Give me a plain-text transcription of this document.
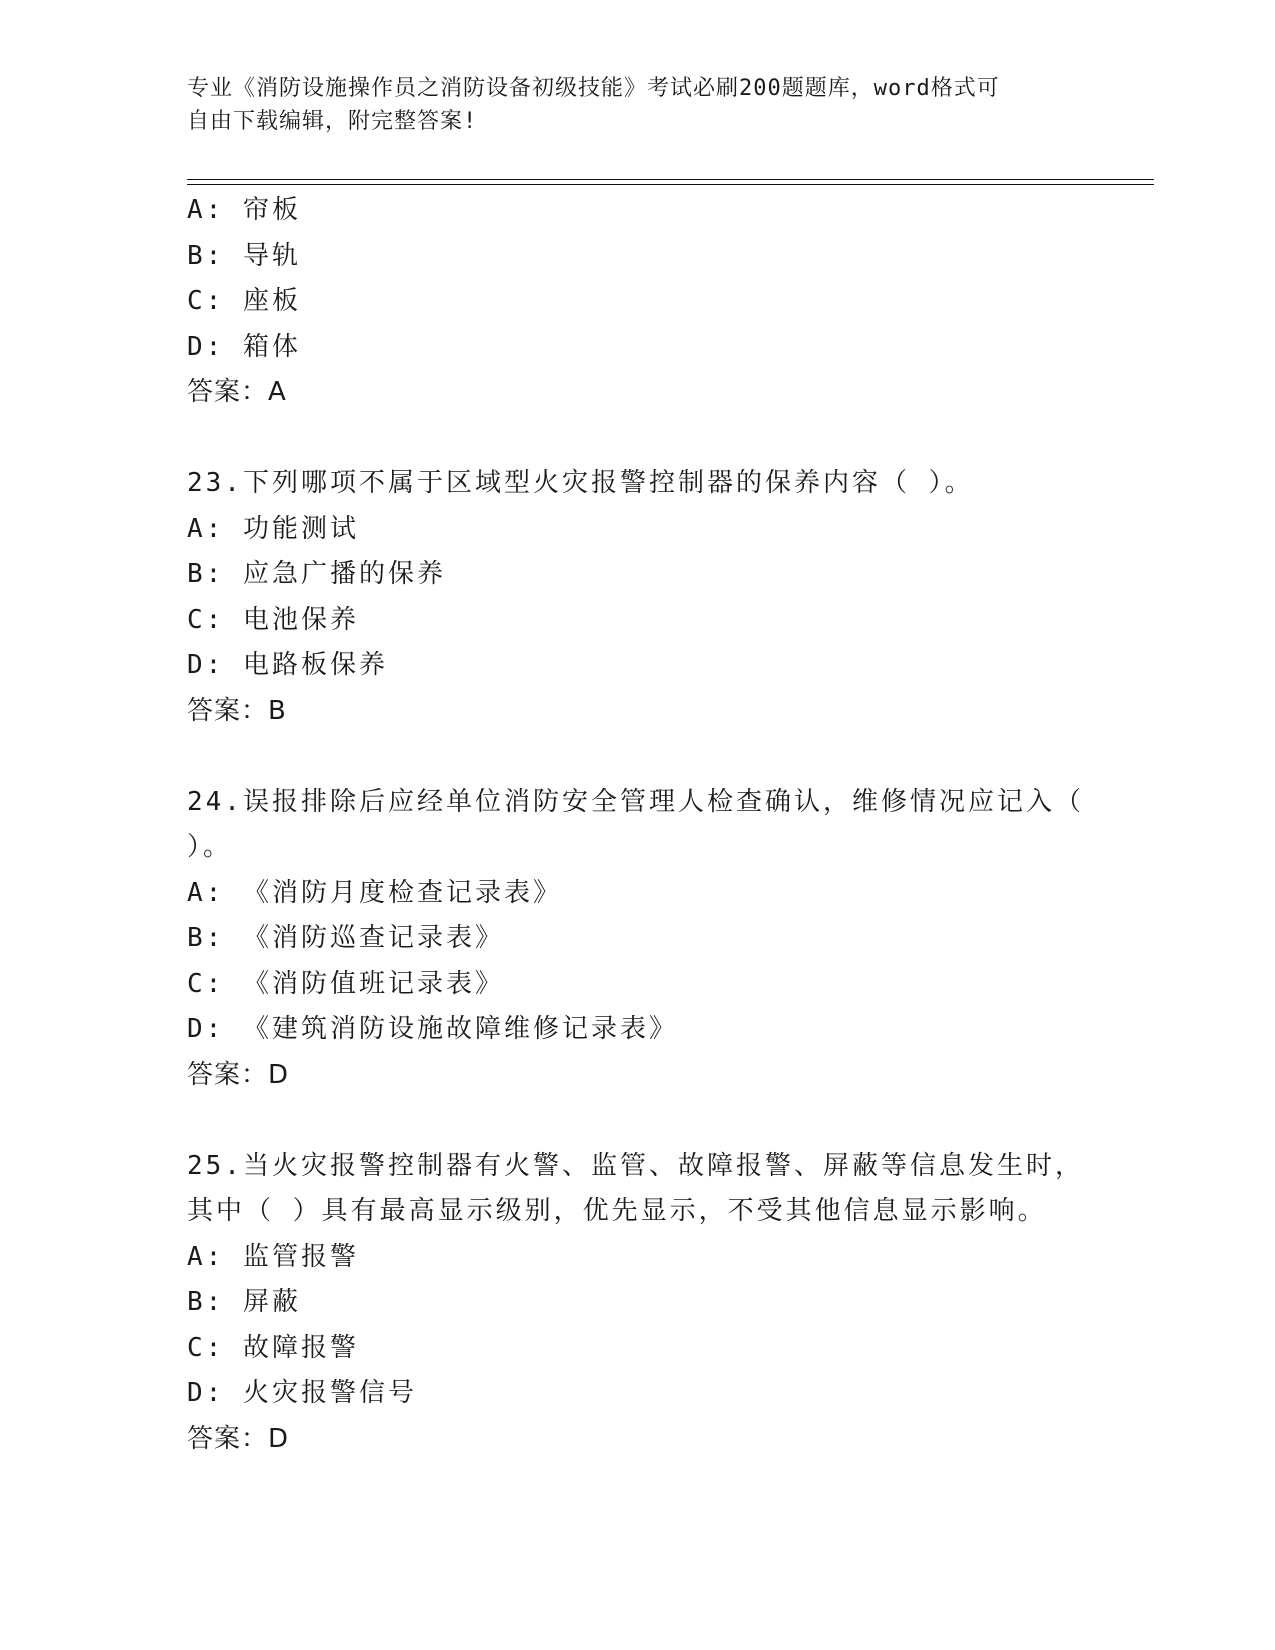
专业《消防设施操作员之消防设备初级技能》考试必刷200题题库，word格式可
自由下载编辑，附完整答案!
A: 帘板
B: 导轨
C: 座板
D: 箱体
答案：A
23.下列哪项不属于区域型火灾报警控制器的保养内容（ ）。
A: 功能测试
B: 应急广播的保养
C: 电池保养
D: 电路板保养
答案：B
24.误报排除后应经单位消防安全管理人检查确认，维修情况应记入（
）。
A: 《消防月度检查记录表》
B: 《消防巡查记录表》
C: 《消防值班记录表》
D: 《建筑消防设施故障维修记录表》
答案：D
25.当火灾报警控制器有火警、监管、故障报警、屏蔽等信息发生时，
其中（ ）具有最高显示级别，优先显示，不受其他信息显示影响。
A: 监管报警
B: 屏蔽
C: 故障报警
D: 火灾报警信号
答案：D
